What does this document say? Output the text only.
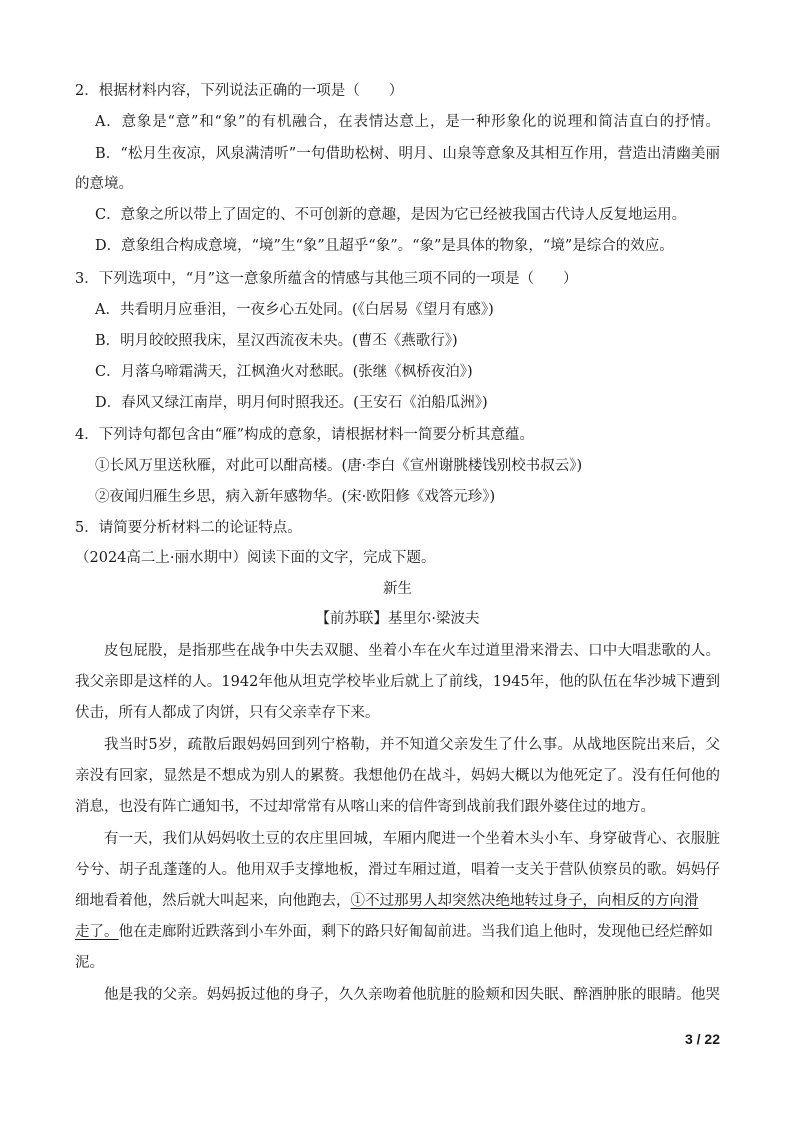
2．根据材料内容，下列说法正确的一项是（　　）
A．意象是“意”和“象”的有机融合，在表情达意上，是一种形象化的说理和简洁直白的抒情。
B．“松月生夜凉，风泉满清听”一句借助松树、明月、山泉等意象及其相互作用，营造出清幽美丽
的意境。
C．意象之所以带上了固定的、不可创新的意趣，是因为它已经被我国古代诗人反复地运用。
D．意象组合构成意境，“境”生“象”且超乎“象”。“象”是具体的物象，“境”是综合的效应。
3．下列选项中，“月”这一意象所蕴含的情感与其他三项不同的一项是（　　）
A．共看明月应垂泪，一夜乡心五处同。(《白居易《望月有感》)
B．明月皎皎照我床，星汉西流夜未央。(曹丕《燕歌行》)
C．月落乌啼霜满天，江枫渔火对愁眠。(张继《枫桥夜泊》)
D．春风又绿江南岸，明月何时照我还。(王安石《泊船瓜洲》)
4．下列诗句都包含由“雁”构成的意象，请根据材料一简要分析其意蕴。
①长风万里送秋雁，对此可以酣高楼。(唐·李白《宣州谢朓楼饯别校书叔云》)
②夜闻归雁生乡思，病入新年感物华。(宋·欧阳修《戏答元珍》)
5．请简要分析材料二的论证特点。
（2024高二上·丽水期中）阅读下面的文字，完成下题。
新生
【前苏联】基里尔·梁波夫
皮包屁股，是指那些在战争中失去双腿、坐着小车在火车过道里滑来滑去、口中大唱悲歌的人。
我父亲即是这样的人。1942年他从坦克学校毕业后就上了前线，1945年，他的队伍在华沙城下遭到
伏击，所有人都成了肉饼，只有父亲幸存下来。
我当时5岁，疏散后跟妈妈回到列宁格勒，并不知道父亲发生了什么事。从战地医院出来后，父
亲没有回家，显然是不想成为别人的累赘。我想他仍在战斗，妈妈大概以为他死定了。没有任何他的
消息，也没有阵亡通知书，不过却常常有从喀山来的信件寄到战前我们跟外婆住过的地方。
有一天，我们从妈妈收土豆的农庄里回城，车厢内爬进一个坐着木头小车、身穿破背心、衣服脏
兮兮、胡子乱蓬蓬的人。他用双手支撑地板，滑过车厢过道，唱着一支关于营队侦察员的歌。妈妈仔
细地看着他，然后就大叫起来，向他跑去，①不过那男人却突然决绝地转过身子，向相反的方向滑
走了。他在走廊附近跌落到小车外面，剩下的路只好匍匐前进。当我们追上他时，发现他已经烂醉如
泥。
他是我的父亲。妈妈扳过他的身子，久久亲吻着他肮脏的脸颊和因失眠、醉酒肿胀的眼睛。他哭
3 / 22
